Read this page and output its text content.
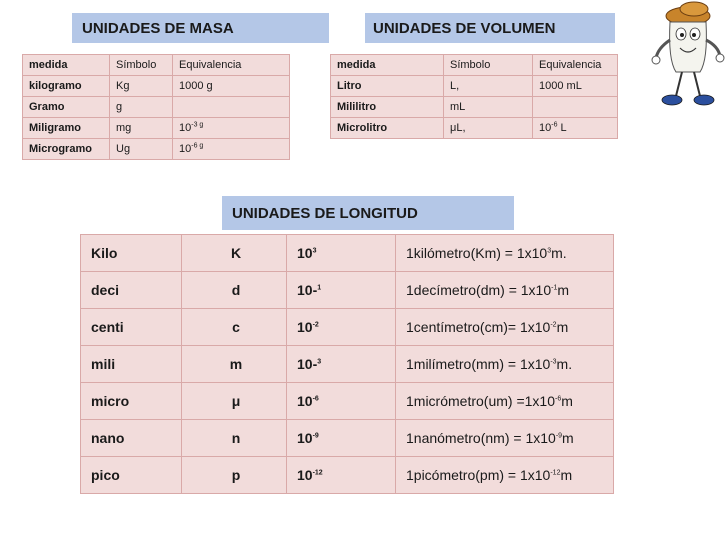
UNIDADES DE MASA	UNIDADES DE VOLUMEN
UNIDADES DE LONGITUD
medida	Símbolo	Equivalencia
kilogramo	Kg	1000 g
Gramo	g	
Miligramo	mg	$10^{-3 g}$
Microgramo	Ug	$10^{-6 g}$
medida	Símbolo	Equivalencia
Litro	L,	1000 mL
Mililitro	mL	
Microlitro	μL,	$10^{-6}$ L
Kilo	K	$10^3$	1kilómetro(Km) = $1x10^3m$.
deci	d	10-$^1$	1decímetro(dm) = $1x10^{-1}m$
centi	c	$10^{-2}$	1centímetro(cm)= $1x10^{-2}m$
mili	m	10-$^3$	1milímetro(mm) = $1x10^{-3}m$.
micro	μ	$10^{-6}$	1micrómetro(um) $=1x10^{-6}m$
nano	n	$10^{-9}$	1nanómetro(nm) = $1x10^{-9}m$
pico	p	$10^{-12}$	1picómetro(pm) = $1x10^{-12}m$
